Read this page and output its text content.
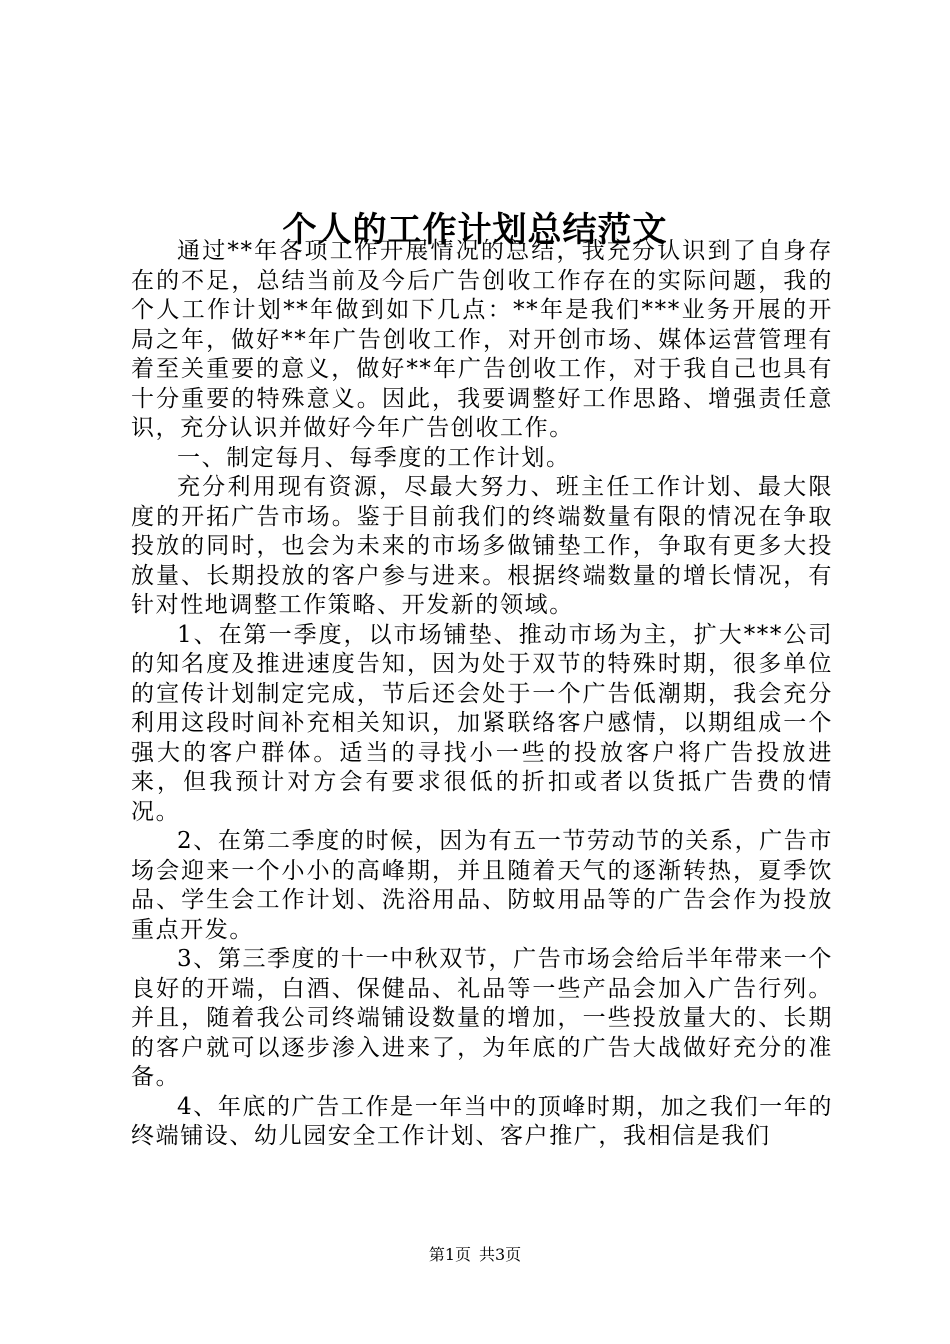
个人的工作计划总结范文

通过**年各项工作开展情况的总结，我充分认识到了自身存在的不足，总结当前及今后广告创收工作存在的实际问题，我的个人工作计划**年做到如下几点：**年是我们***业务开展的开局之年，做好**年广告创收工作，对开创市场、媒体运营管理有着至关重要的意义，做好**年广告创收工作，对于我自己也具有十分重要的特殊意义。因此，我要调整好工作思路、增强责任意识，充分认识并做好今年广告创收工作。

一、制定每月、每季度的工作计划。

充分利用现有资源，尽最大努力、班主任工作计划、最大限度的开拓广告市场。鉴于目前我们的终端数量有限的情况在争取投放的同时，也会为未来的市场多做铺垫工作，争取有更多大投放量、长期投放的客户参与进来。根据终端数量的增长情况，有针对性地调整工作策略、开发新的领域。

1、在第一季度，以市场铺垫、推动市场为主，扩大***公司的知名度及推进速度告知，因为处于双节的特殊时期，很多单位的宣传计划制定完成，节后还会处于一个广告低潮期，我会充分利用这段时间补充相关知识，加紧联络客户感情，以期组成一个强大的客户群体。适当的寻找小一些的投放客户将广告投放进来，但我预计对方会有要求很低的折扣或者以货抵广告费的情况。

2、在第二季度的时候，因为有五一节劳动节的关系，广告市场会迎来一个小小的高峰期，并且随着天气的逐渐转热，夏季饮品、学生会工作计划、洗浴用品、防蚊用品等的广告会作为投放重点开发。

3、第三季度的十一中秋双节，广告市场会给后半年带来一个良好的开端，白酒、保健品、礼品等一些产品会加入广告行列。并且，随着我公司终端铺设数量的增加，一些投放量大的、长期的客户就可以逐步渗入进来了，为年底的广告大战做好充分的准备。

4、年底的广告工作是一年当中的顶峰时期，加之我们一年的终端铺设、幼儿园安全工作计划、客户推广，我相信是我们

第1页 共3页
